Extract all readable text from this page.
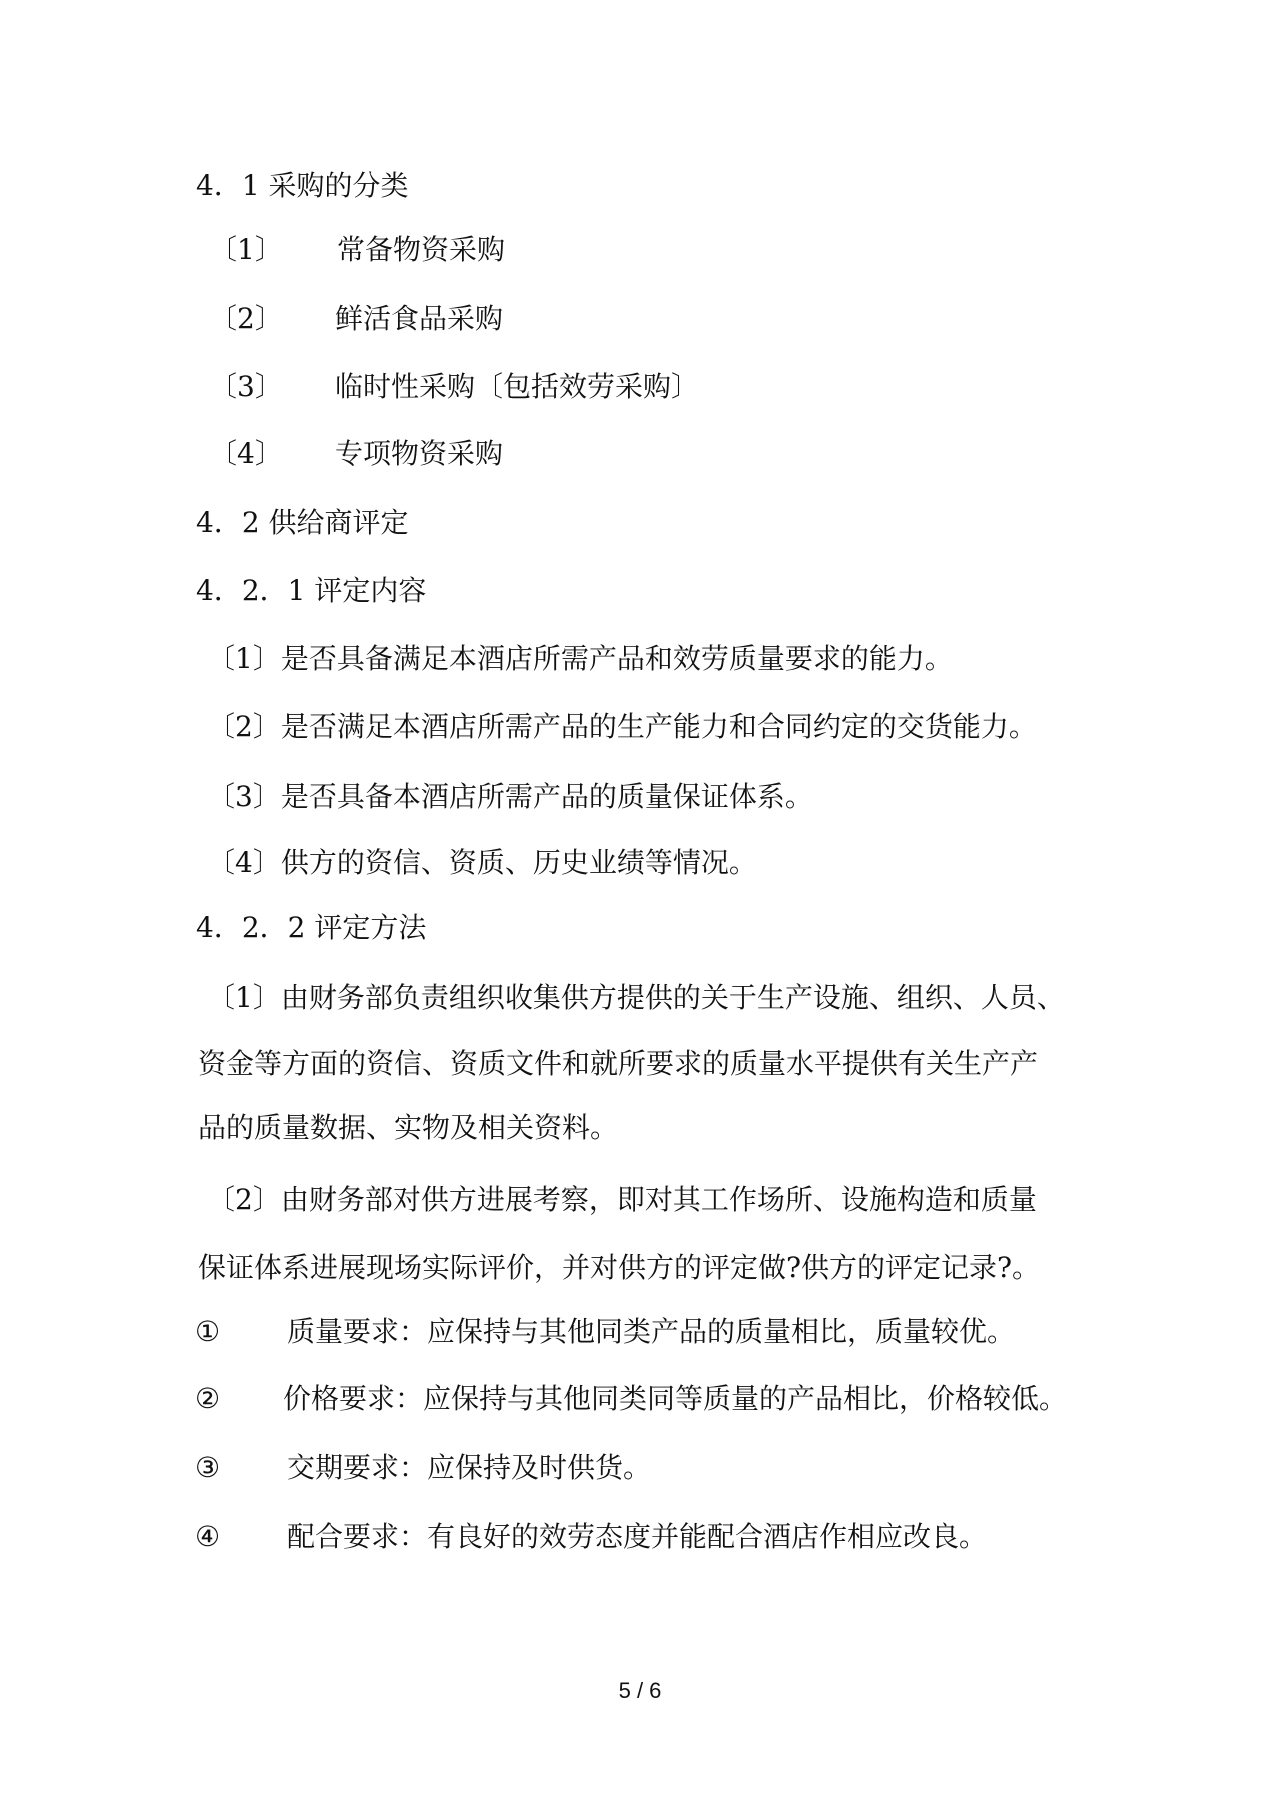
4．1 采购的分类
〔1〕 常备物资采购
〔2〕 鲜活食品采购
〔3〕 临时性采购〔包括效劳采购〕
〔4〕 专项物资采购
4．2 供给商评定
4．2．1 评定内容
〔1〕是否具备满足本酒店所需产品和效劳质量要求的能力。
〔2〕是否满足本酒店所需产品的生产能力和合同约定的交货能力。
〔3〕是否具备本酒店所需产品的质量保证体系。
〔4〕供方的资信、资质、历史业绩等情况。
4．2．2 评定方法
〔1〕由财务部负责组织收集供方提供的关于生产设施、组织、人员、
资金等方面的资信、资质文件和就所要求的质量水平提供有关生产产
品的质量数据、实物及相关资料。
〔2〕由财务部对供方进展考察，即对其工作场所、设施构造和质量
保证体系进展现场实际评价，并对供方的评定做?供方的评定记录?。
① 质量要求：应保持与其他同类产品的质量相比，质量较优。
② 价格要求：应保持与其他同类同等质量的产品相比，价格较低。
③ 交期要求：应保持及时供货。
④ 配合要求：有良好的效劳态度并能配合酒店作相应改良。
5 / 6
